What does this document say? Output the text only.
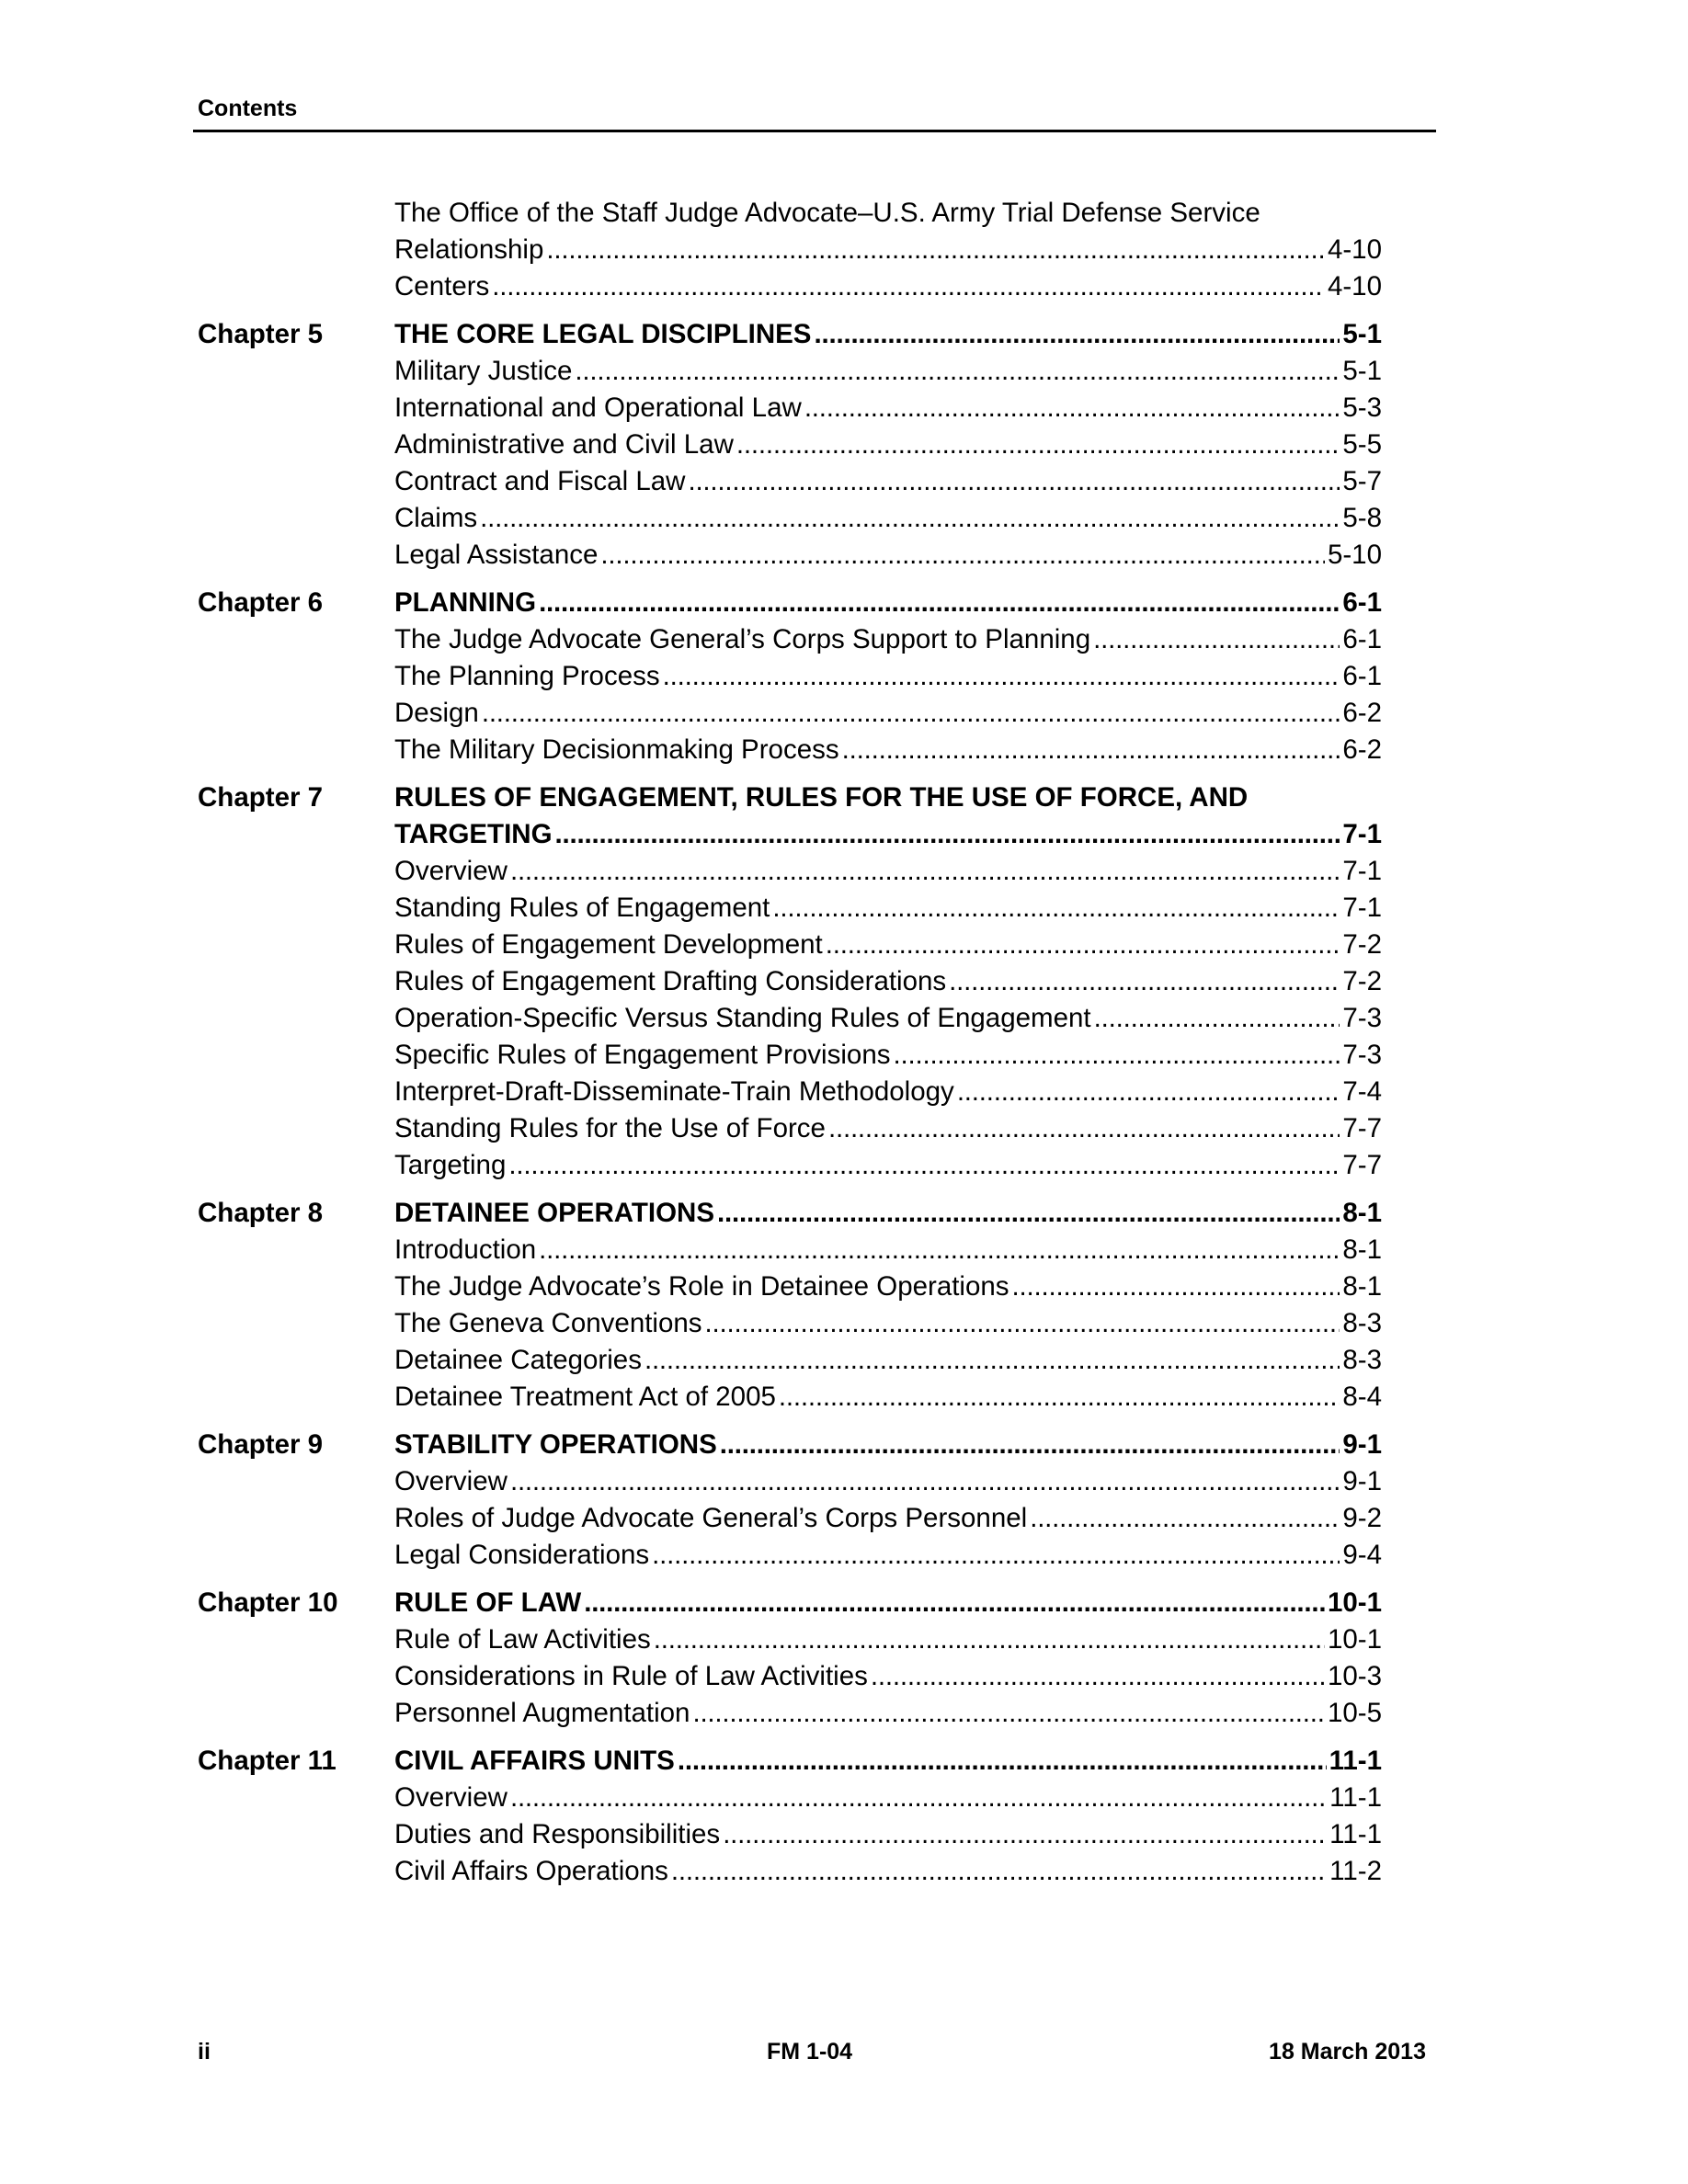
Contents
The Office of the Staff Judge Advocate–U.S. Army Trial Defense Service
Relationship . . .	4-10
Centers . . .	4-10
Chapter 5	THE CORE LEGAL DISCIPLINES . . .	5-1
Military Justice . . .	5-1
International and Operational Law . . .	5-3
Administrative and Civil Law . . .	5-5
Contract and Fiscal Law . . .	5-7
Claims . . .	5-8
Legal Assistance . . .	5-10
Chapter 6	PLANNING . . .	6-1
The Judge Advocate General’s Corps Support to Planning . . .	6-1
The Planning Process . . .	6-1
Design . . .	6-2
The Military Decisionmaking Process . . .	6-2
Chapter 7	RULES OF ENGAGEMENT, RULES FOR THE USE OF FORCE, AND
TARGETING . . .	7-1
Overview . . .	7-1
Standing Rules of Engagement . . .	7-1
Rules of Engagement Development . . .	7-2
Rules of Engagement Drafting Considerations . . .	7-2
Operation-Specific Versus Standing Rules of Engagement . . .	7-3
Specific Rules of Engagement Provisions . . .	7-3
Interpret-Draft-Disseminate-Train Methodology . . .	7-4
Standing Rules for the Use of Force . . .	7-7
Targeting . . .	7-7
Chapter 8	DETAINEE OPERATIONS . . .	8-1
Introduction . . .	8-1
The Judge Advocate’s Role in Detainee Operations . . .	8-1
The Geneva Conventions . . .	8-3
Detainee Categories . . .	8-3
Detainee Treatment Act of 2005 . . .	8-4
Chapter 9	STABILITY OPERATIONS . . .	9-1
Overview . . .	9-1
Roles of Judge Advocate General’s Corps Personnel . . .	9-2
Legal Considerations . . .	9-4
Chapter 10	RULE OF LAW . . .	10-1
Rule of Law Activities . . .	10-1
Considerations in Rule of Law Activities . . .	10-3
Personnel Augmentation . . .	10-5
Chapter 11	CIVIL AFFAIRS UNITS . . .	11-1
Overview . . .	11-1
Duties and Responsibilities . . .	11-1
Civil Affairs Operations . . .	11-2
ii	FM 1-04	18 March 2013
